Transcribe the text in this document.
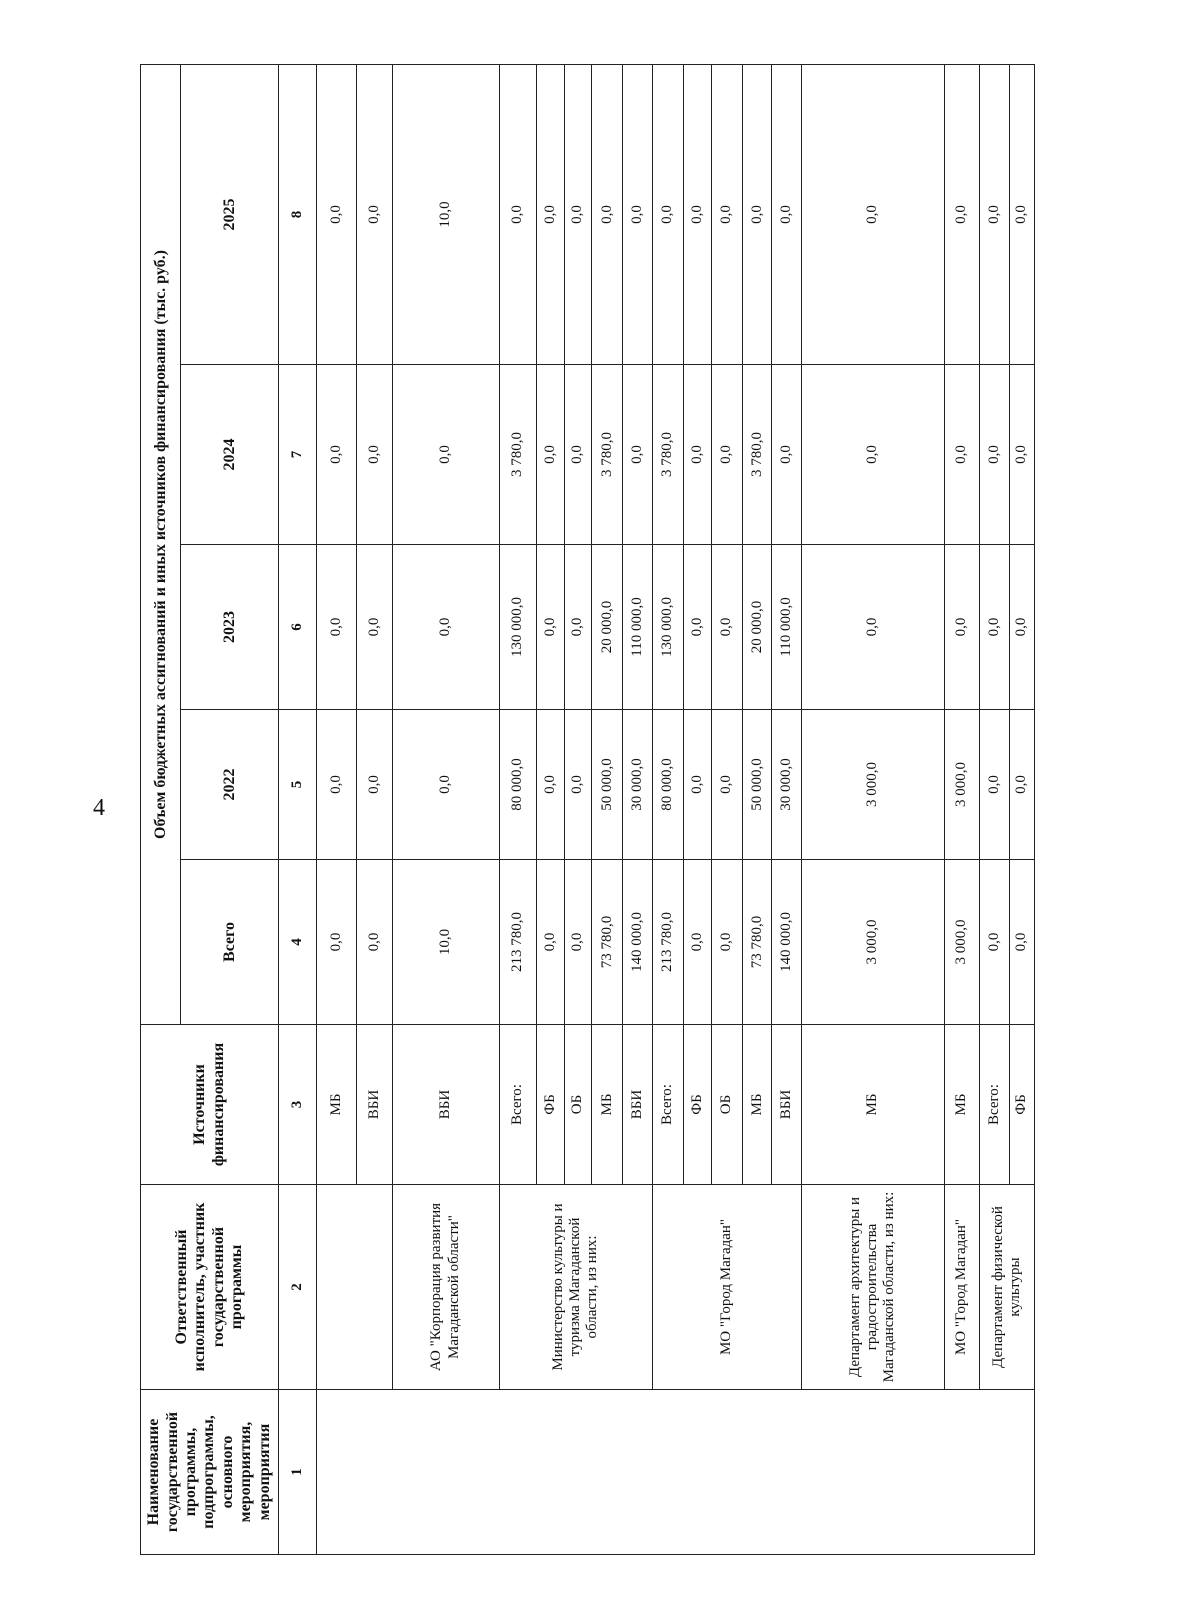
4
Наименование государственной программы, подпрограммы, основного мероприятия, мероприятия	Ответственный исполнитель, участник государственной программы	Источники финансирования	Объем бюджетных ассигнований и иных источников финансирования (тыс. руб.)				
			Всего	2022	2023	2024	2025
1	2	3	4	5	6	7	8
		МБ	0,0	0,0	0,0	0,0	0,0
		ВБИ	0,0	0,0	0,0	0,0	0,0
	АО "Корпорация развития Магаданской области"	ВБИ	10,0	0,0	0,0	0,0	10,0
	Министерство культуры и туризма Магаданской области, из них:	Всего:	213 780,0	80 000,0	130 000,0	3 780,0	0,0
		ФБ	0,0	0,0	0,0	0,0	0,0
		ОБ	0,0	0,0	0,0	0,0	0,0
		МБ	73 780,0	50 000,0	20 000,0	3 780,0	0,0
		ВБИ	140 000,0	30 000,0	110 000,0	0,0	0,0
	МО "Город Магадан"	Всего:	213 780,0	80 000,0	130 000,0	3 780,0	0,0
		ФБ	0,0	0,0	0,0	0,0	0,0
		ОБ	0,0	0,0	0,0	0,0	0,0
		МБ	73 780,0	50 000,0	20 000,0	3 780,0	0,0
		ВБИ	140 000,0	30 000,0	110 000,0	0,0	0,0
	Департамент архитектуры и градостроительства Магаданской области, из них:	МБ	3 000,0	3 000,0	0,0	0,0	0,0
	МО "Город Магадан"	МБ	3 000,0	3 000,0	0,0	0,0	0,0
	Департамент физической культуры	Всего:	0,0	0,0	0,0	0,0	0,0
		ФБ	0,0	0,0	0,0	0,0	0,0
